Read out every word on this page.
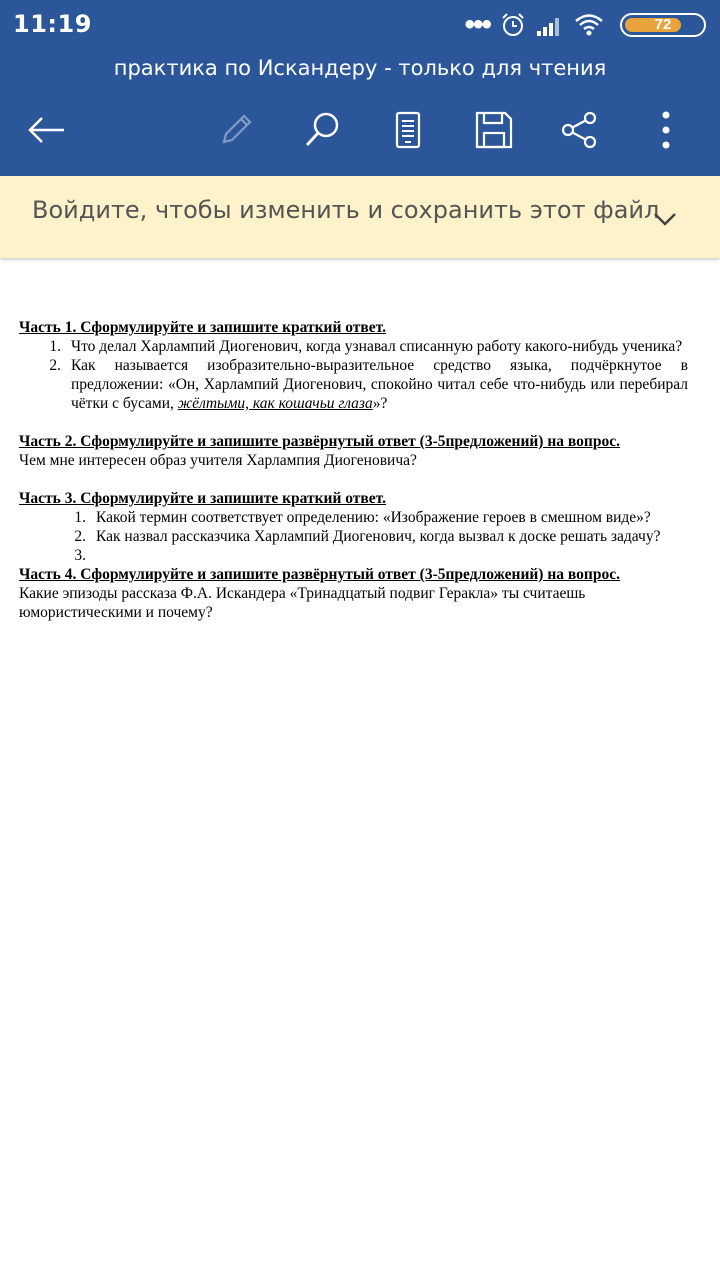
11:19	•••	72
практика по Искандеру - только для чтения
Войдите, чтобы изменить и сохранить этот файл

Часть 1. Сформулируйте и запишите краткий ответ.

1. Что делал Харлампий Диогенович, когда узнавал списанную работу какого-нибудь ученика?
2. Как называется изобразительно-выразительное средство языка, подчёркнутое в предложении: «Он, Харлампий Диогенович, спокойно читал себе что-нибудь или перебирал чётки с бусами, жёлтыми, как кошачьи глаза»?

Часть 2. Сформулируйте и запишите развёрнутый ответ (3-5предложений) на вопрос.

Чем мне интересен образ учителя Харлампия Диогеновича?

Часть 3. Сформулируйте и запишите краткий ответ.

1. Какой термин соответствует определению: «Изображение героев в смешном виде»?
2. Как назвал рассказчика Харлампий Диогенович, когда вызвал к доске решать задачу?
3.

Часть 4. Сформулируйте и запишите развёрнутый ответ (3-5предложений) на вопрос.

Какие эпизоды рассказа Ф.А. Искандера «Тринадцатый подвиг Геракла» ты считаешь юмористическими и почему?
